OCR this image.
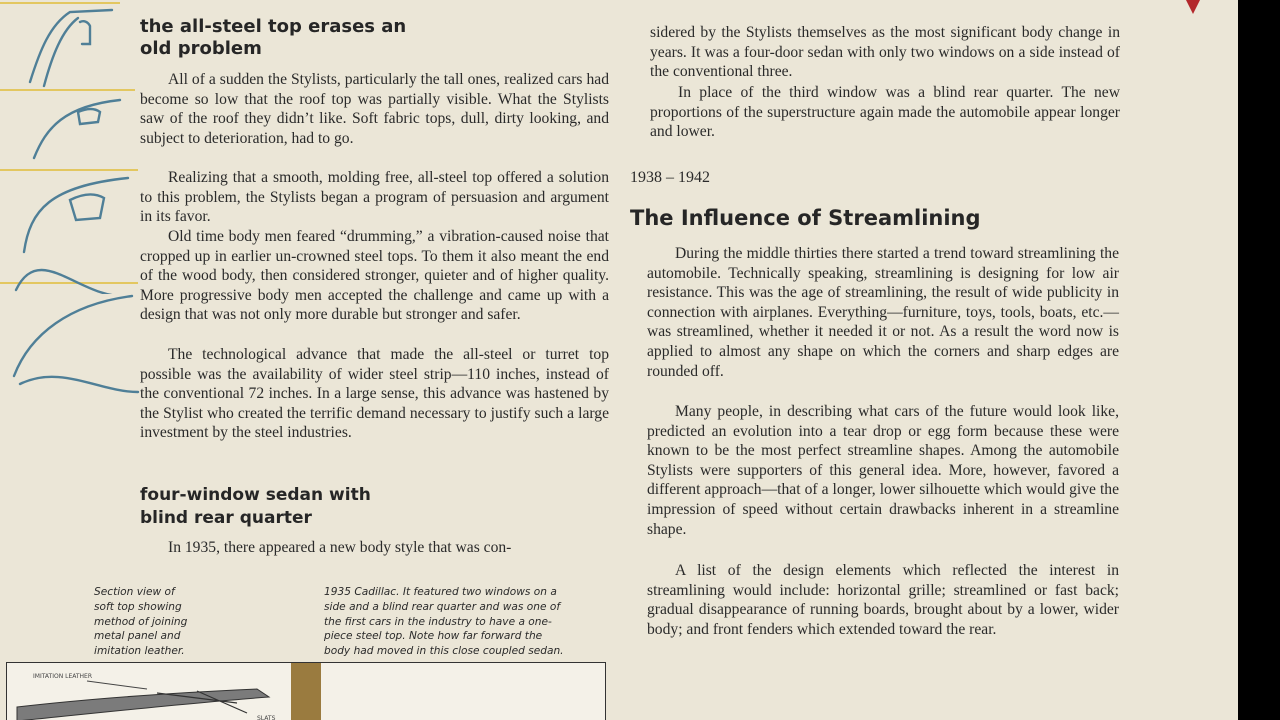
the all-steel top erases an
old problem

All of a sudden the Stylists, particularly the tall ones, realized cars had become so low that the roof top was partially visible. What the Stylists saw of the roof they didn’t like. Soft fabric tops, dull, dirty looking, and subject to deterioration, had to go.

Realizing that a smooth, molding free, all-steel top offered a solution to this problem, the Stylists began a program of persuasion and argument in its favor.

Old time body men feared “drumming,” a vibration-caused noise that cropped up in earlier un-crowned steel tops. To them it also meant the end of the wood body, then considered stronger, quieter and of higher quality. More progressive body men accepted the challenge and came up with a design that was not only more durable but stronger and safer.

The technological advance that made the all-steel or turret top possible was the availability of wider steel strip—110 inches, instead of the conventional 72 inches. In a large sense, this advance was hastened by the Stylist who created the terrific demand necessary to justify such a large investment by the steel industries.

four-window sedan with
blind rear quarter

In 1935, there appeared a new body style that was con-

Section view of
soft top showing
method of joining
metal panel and
imitation leather.
1935 Cadillac. It featured two windows on a
side and a blind rear quarter and was one of
the first cars in the industry to have a one-
piece steel top. Note how far forward the
body had moved in this close coupled sedan.
IMITATION LEATHER
SLATS

sidered by the Stylists themselves as the most significant body change in years. It was a four-door sedan with only two windows on a side instead of the conventional three.

In place of the third window was a blind rear quarter. The new proportions of the superstructure again made the automobile appear longer and lower.

1938 – 1942
The Influence of Streamlining

During the middle thirties there started a trend toward streamlining the automobile. Technically speaking, streamlining is designing for low air resistance. This was the age of streamlining, the result of wide publicity in connection with airplanes. Everything—furniture, toys, tools, boats, etc.—was streamlined, whether it needed it or not. As a result the word now is applied to almost any shape on which the corners and sharp edges are rounded off.

Many people, in describing what cars of the future would look like, predicted an evolution into a tear drop or egg form because these were known to be the most perfect streamline shapes. Among the automobile Stylists were supporters of this general idea. More, however, favored a different approach—that of a longer, lower silhouette which would give the impression of speed without certain drawbacks inherent in a streamline shape.

A list of the design elements which reflected the interest in streamlining would include: horizontal grille; streamlined or fast back; gradual disappearance of running boards, brought about by a lower, wider body; and front fenders which extended toward the rear.
